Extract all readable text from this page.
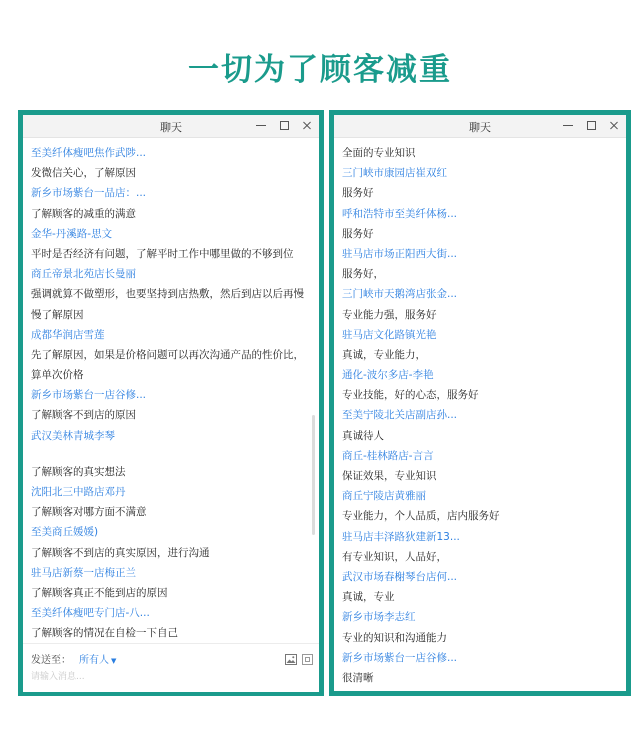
一切为了顾客减重
聊天
至美纤体瘦吧焦作武陟...
发微信关心，了解原因
新乡市场紫台一品店：...
了解顾客的减重的满意
金华-丹溪路-思文
平时是否经济有问题，了解平时工作中哪里做的不够到位
商丘帝景北苑店长曼丽
强调就算不做塑形，也要坚持到店热敷，然后到店以后再慢
慢了解原因
成都华润店雪莲
先了解原因，如果是价格问题可以再次沟通产品的性价比，
算单次价格
新乡市场紫台一店谷修...
了解顾客不到店的原因
武汉美林青城李琴
了解顾客的真实想法
沈阳北三中路店邓丹
了解顾客对哪方面不满意
至美商丘媛媛)
了解顾客不到店的真实原因，进行沟通
驻马店新蔡一店梅正兰
了解顾客真正不能到店的原因
至美纤体瘦吧专门店-八...
了解顾客的情况在自检一下自己
发送至： 所有人 ▼
请输入消息...
聊天
全面的专业知识
三门峡市康园店崔双红
服务好
呼和浩特市至美纤体杨...
服务好
驻马店市场正阳西大街...
服务好，
三门峡市天鹅湾店张金...
专业能力强，服务好
驻马店文化路镇光艳
真诚，专业能力，
通化-波尔多店-李艳
专业技能，好的心态，服务好
至美宁陵北关店副店孙...
真诚待人
商丘-桂林路店-言言
保证效果，专业知识
商丘宁陵店黄雅丽
专业能力，个人品质，店内服务好
驻马店丰泽路狄建新13...
有专业知识，人品好，
武汉市场春榭琴台店何...
真诚，专业
新乡市场李志红
专业的知识和沟通能力
新乡市场紫台一店谷修...
很清晰
